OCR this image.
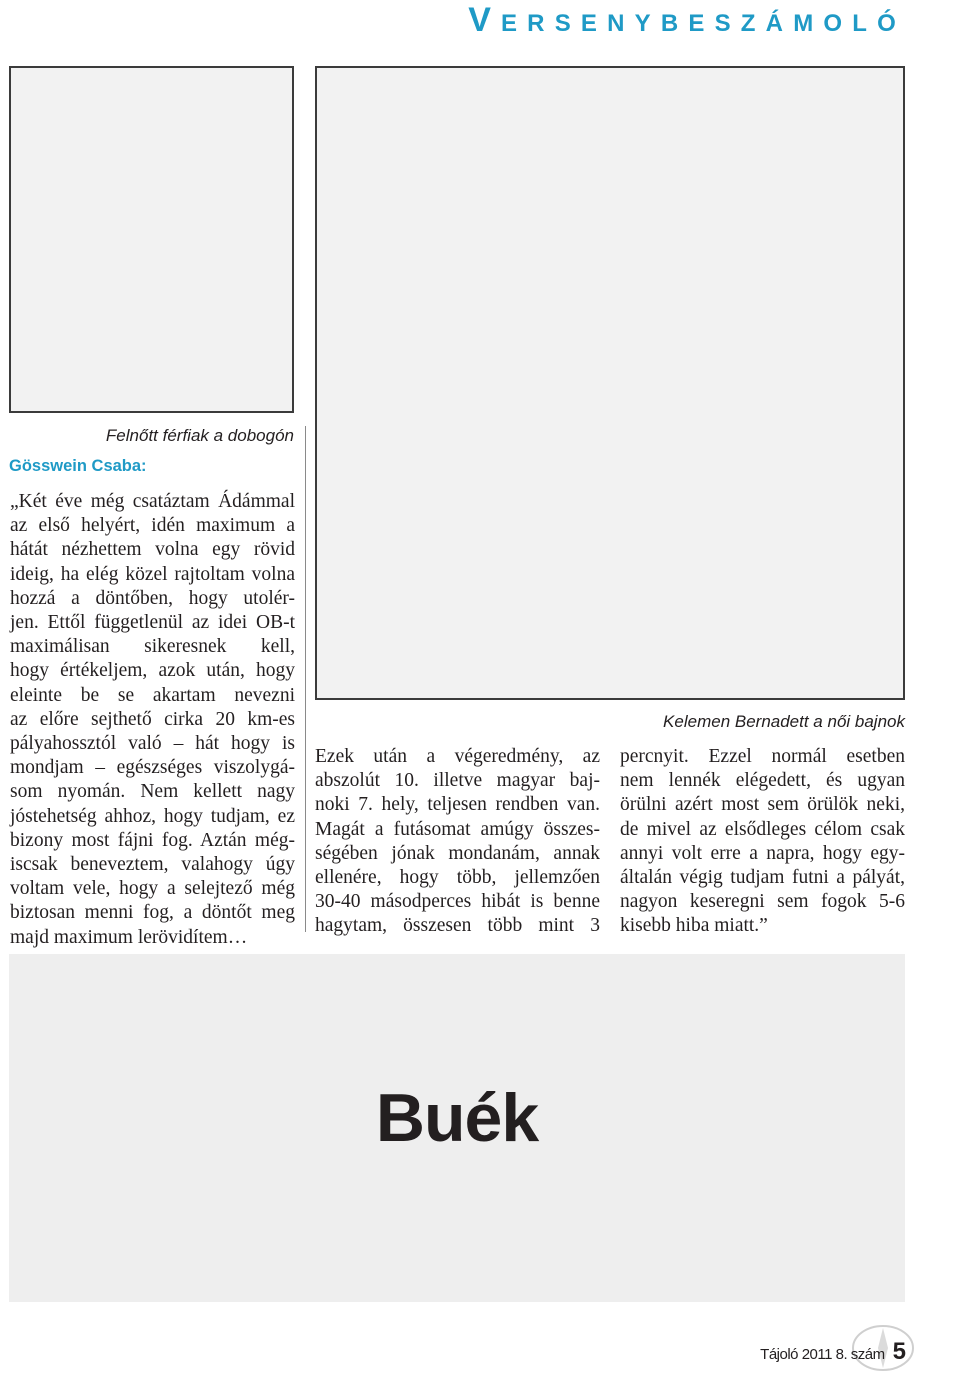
VERSENYBESZÁMOLÓ
Felnőtt férfiak a dobogón
Kelemen Bernadett a női bajnok
Gösswein Csaba:

„Két éve még csatáztam Ádámmal

az első helyért, idén maximum a

hátát nézhettem volna egy rövid

ideig, ha elég közel rajtoltam volna

hozzá a döntőben, hogy utolér-

jen. Ettől függetlenül az idei OB-t

maximálisan sikeresnek kell,

hogy értékeljem, azok után, hogy

eleinte be se akartam nevezni

az előre sejthető cirka 20 km-es

pályahossztól való – hát hogy is

mondjam – egészséges viszolygá-

som nyomán. Nem kellett nagy

jóstehetség ahhoz, hogy tudjam, ez

bizony most fájni fog. Aztán még-

iscsak beneveztem, valahogy úgy

voltam vele, hogy a selejtező még

biztosan menni fog, a döntőt meg

majd maximum lerövidítem…

Ezek után a végeredmény, az

abszolút 10. illetve magyar baj-

noki 7. hely, teljesen rendben van.

Magát a futásomat amúgy összes-

ségében jónak mondanám, annak

ellenére, hogy több, jellemzően

30-40 másodperces hibát is benne

hagytam, összesen több mint 3

percnyit. Ezzel normál esetben

nem lennék elégedett, és ugyan

örülni azért most sem örülök neki,

de mivel az elsődleges célom csak

annyi volt erre a napra, hogy egy-

általán végig tudjam futni a pályát,

nagyon keseregni sem fogok 5-6

kisebb hiba miatt.”

Buék
Tájoló 2011 8. szám 5
